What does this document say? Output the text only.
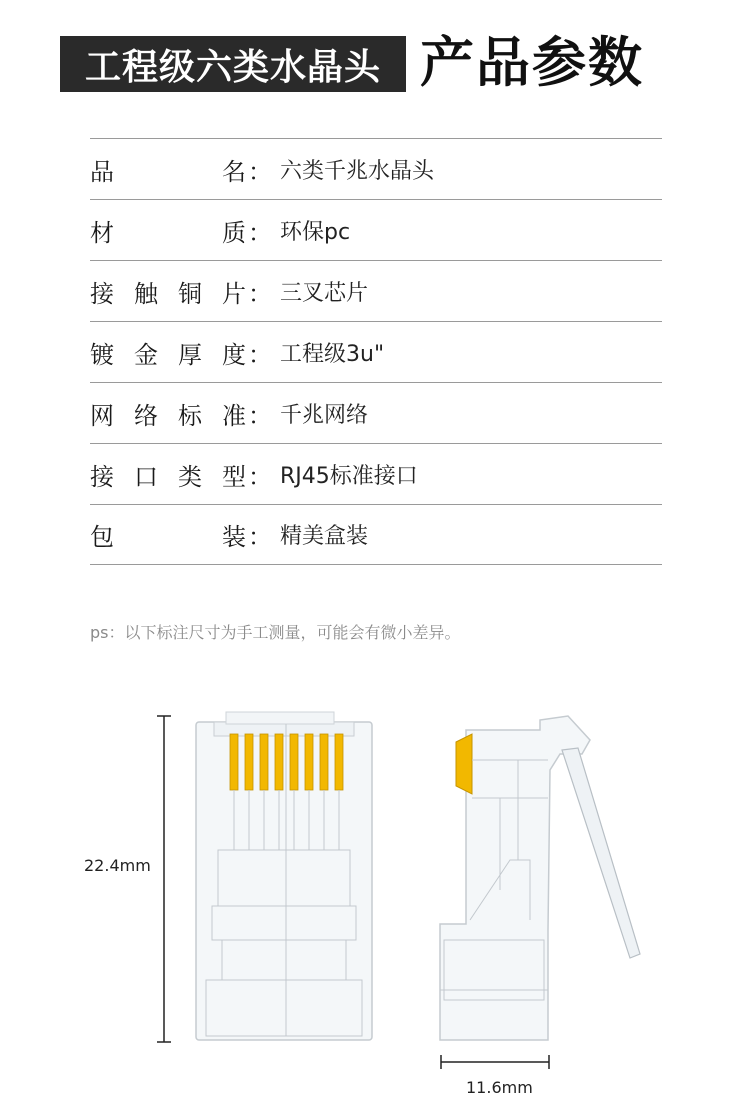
工程级六类水晶头 产品参数
品	名 ： 六类千兆水晶头
材	质 ： 环保pc
接 触 铜 片 ： 三叉芯片
镀 金 厚 度 ： 工程级3u"
网 络 标 准 ： 千兆网络
接 口 类 型 ： RJ45标准接口
包	装 ： 精美盒装
ps：以下标注尺寸为手工测量，可能会有微小差异。
22.4mm
11.6mm
